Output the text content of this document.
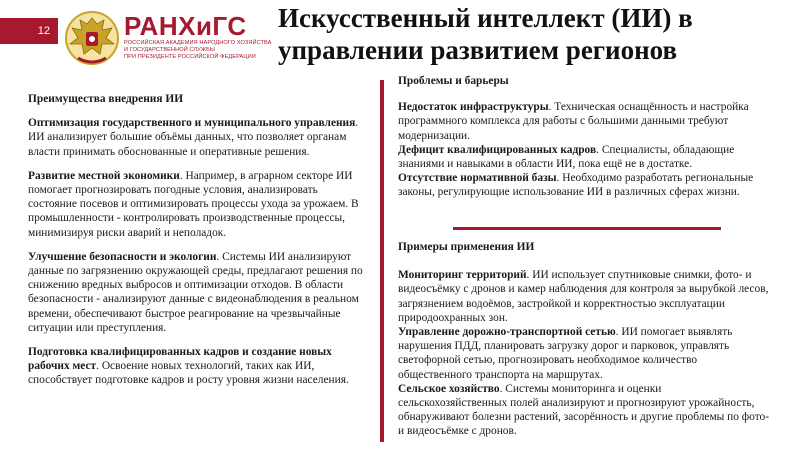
12	РАНХиГС
РОССИЙСКАЯ АКАДЕМИЯ НАРОДНОГО ХОЗЯЙСТВА
И ГОСУДАРСТВЕННОЙ СЛУЖБЫ
ПРИ ПРЕЗИДЕНТЕ РОССИЙСКОЙ ФЕДЕРАЦИИ
Искусственный интеллект (ИИ) в управлении развитием регионов
Преимущества внедрения ИИ
Оптимизация государственного и муниципального управления. ИИ анализирует большие объёмы данных, что позволяет органам власти принимать обоснованные и оперативные решения.
Развитие местной экономики. Например, в аграрном секторе ИИ помогает прогнозировать погодные условия, анализировать состояние посевов и оптимизировать процессы ухода за урожаем. В промышленности - контролировать производственные процессы, минимизируя риски аварий и неполадок.
Улучшение безопасности и экологии. Системы ИИ анализируют данные по загрязнению окружающей среды, предлагают решения по снижению вредных выбросов и оптимизации отходов. В области безопасности - анализируют данные с видеонаблюдения в реальном времени, обеспечивают быстрое реагирование на чрезвычайные ситуации или преступления.
Подготовка квалифицированных кадров и создание новых рабочих мест. Освоение новых технологий, таких как ИИ, способствует подготовке кадров и росту уровня жизни населения.
Проблемы и барьеры
Недостаток инфраструктуры. Техническая оснащённость и настройка программного комплекса для работы с большими данными требуют модернизации.
Дефицит квалифицированных кадров. Специалисты, обладающие знаниями и навыками в области ИИ, пока ещё не в достатке.
Отсутствие нормативной базы. Необходимо разработать региональные законы, регулирующие использование ИИ в различных сферах жизни.
Примеры применения ИИ
Мониторинг территорий. ИИ использует спутниковые снимки, фото- и видеосъёмку с дронов и камер наблюдения для контроля за вырубкой лесов, загрязнением водоёмов, застройкой и корректностью эксплуатации природоохранных зон.
Управление дорожно-транспортной сетью. ИИ помогает выявлять нарушения ПДД, планировать загрузку дорог и парковок, управлять светофорной сетью, прогнозировать необходимое количество общественного транспорта на маршрутах.
Сельское хозяйство. Системы мониторинга и оценки сельскохозяйственных полей анализируют и прогнозируют урожайность, обнаруживают болезни растений, засорённость и другие проблемы по фото- и видеосъёмке с дронов.
